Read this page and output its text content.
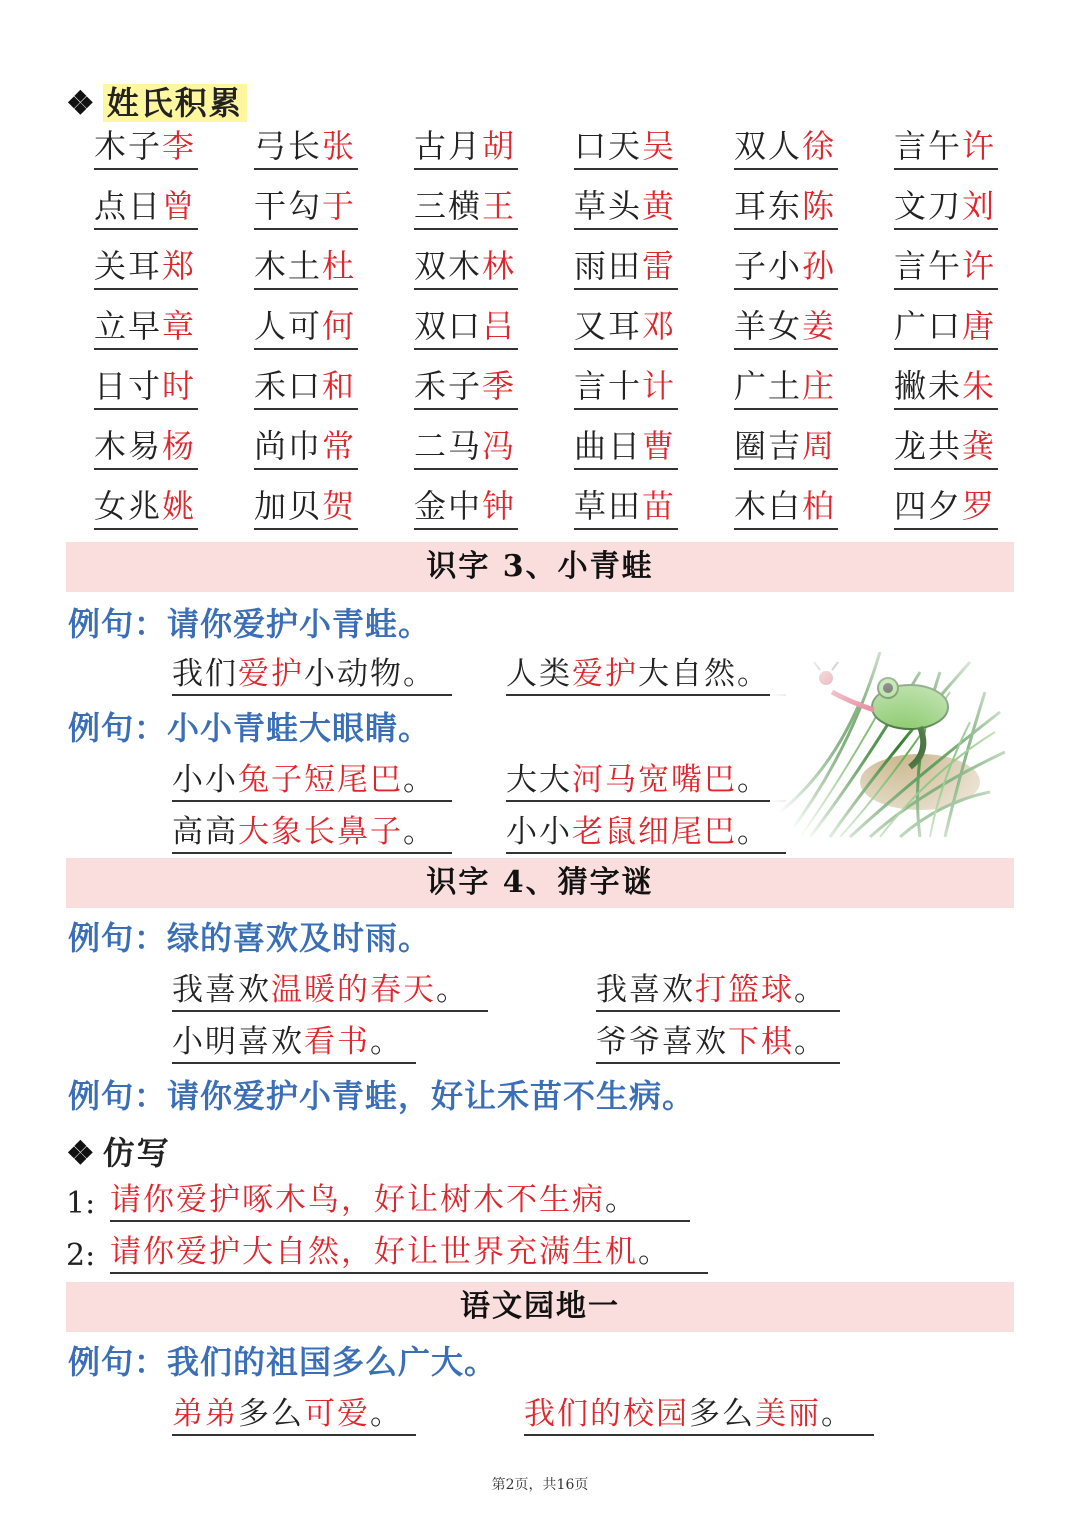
❖ 姓氏积累
木子李 弓长张 古月胡 口天吴 双人徐 言午许
点日曾 干勾于 三横王 草头黄 耳东陈 文刀刘
关耳郑 木土杜 双木林 雨田雷 子小孙 言午许
立早章 人可何 双口吕 又耳邓 羊女姜 广口唐
日寸时 禾口和 禾子季 言十计 广土庄 撇未朱
木易杨 尚巾常 二马冯 曲日曹 圈吉周 龙共龚
女兆姚 加贝贺 金中钟 草田苗 木白柏 四夕罗
识字 3、小青蛙
例句：请你爱护小青蛙。
我们爱护小动物。	人类爱护大自然。
例句：小小青蛙大眼睛。
小小兔子短尾巴。	大大河马宽嘴巴。
高高大象长鼻子。	小小老鼠细尾巴。
识字 4、猜字谜
例句：绿的喜欢及时雨。
我喜欢温暖的春天。	我喜欢打篮球。
小明喜欢看书。	爷爷喜欢下棋。
例句：请你爱护小青蛙，好让禾苗不生病。
❖ 仿写
1: 请你爱护啄木鸟，好让树木不生病。
2: 请你爱护大自然，好让世界充满生机。
语文园地一
例句：我们的祖国多么广大。
弟弟多么可爱。	我们的校园多么美丽。
第2页，共16页
